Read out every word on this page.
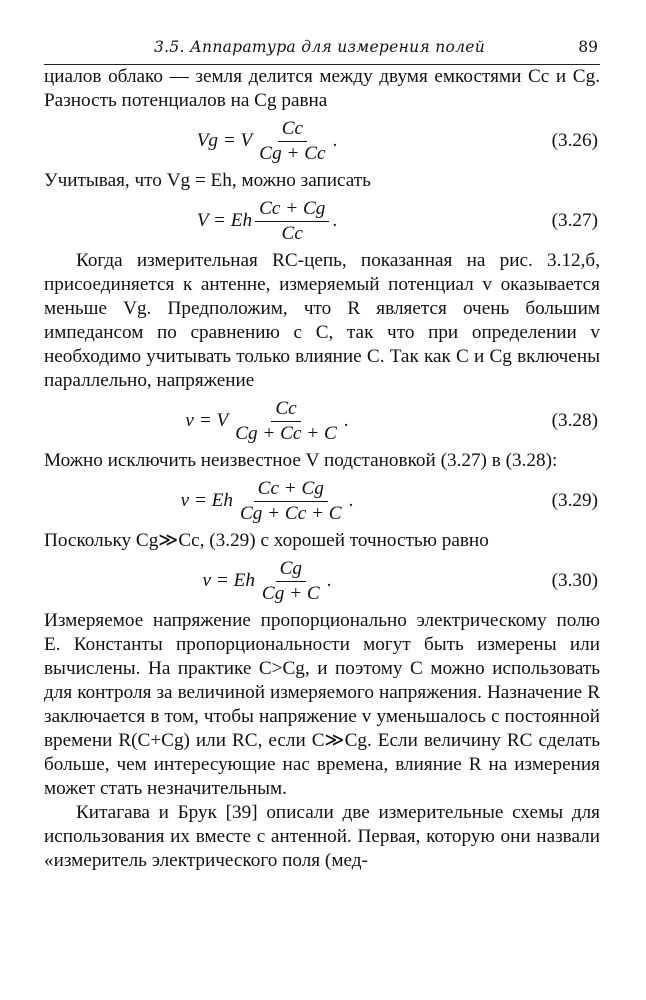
3.5. Аппаратура для измерения полей	89

циалов облако — земля делится между двумя емкостями Cc и Cg. Разность потенциалов на Cg равна

Vg = V $\frac{Cc}{Cg + Cc}$ .	(3.26)

Учитывая, что Vg = Eh, можно записать

V = Eh $\frac{Cc + Cg}{Cc}$ .	(3.27)

Когда измерительная RC-цепь, показанная на рис. 3.12,б, присоединяется к антенне, измеряемый потенциал v оказывается меньше Vg. Предположим, что R является очень большим импедансом по сравнению с C, так что при определении v необходимо учитывать только влияние C. Так как C и Cg включены параллельно, напряжение

v = V $\frac{Cc}{Cg + Cc + C}$ .	(3.28)

Можно исключить неизвестное V подстановкой (3.27) в (3.28):

v = Eh $\frac{Cc + Cg}{Cg + Cc + C}$ .	(3.29)

Поскольку Cg≫Cc, (3.29) с хорошей точностью равно

v = Eh $\frac{Cg}{Cg + C}$ .	(3.30)

Измеряемое напряжение пропорционально электрическому полю E. Константы пропорциональности могут быть измерены или вычислены. На практике C>Cg, и поэтому C можно использовать для контроля за величиной измеряемого напряжения. Назначение R заключается в том, чтобы напряжение v уменьшалось с постоянной времени R(C+Cg) или RC, если C≫Cg. Если величину RC сделать больше, чем интересующие нас времена, влияние R на измерения может стать незначительным.

Китагава и Брук [39] описали две измерительные схемы для использования их вместе с антенной. Первая, которую они назвали «измеритель электрического поля (мед-
